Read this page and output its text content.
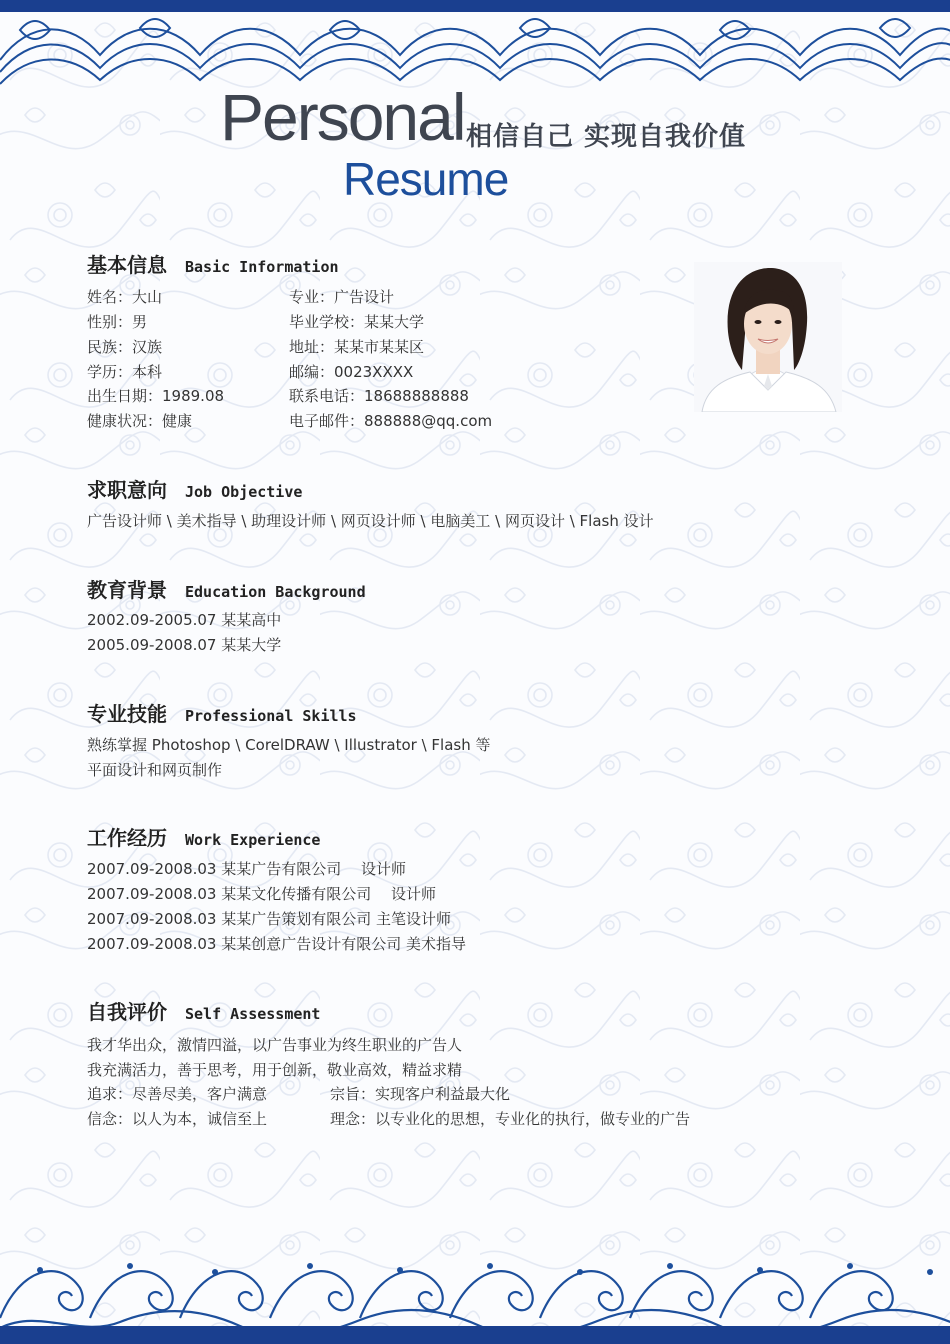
Personal 相信自己 实现自我价值
Resume
基本信息 Basic Information
姓名：大山
性别：男
民族：汉族
学历：本科
出生日期：1989.08
健康状况：健康
专业：广告设计
毕业学校：某某大学
地址：某某市某某区
邮编：0023XXXX
联系电话：18688888888
电子邮件：888888@qq.com
求职意向 Job Objective
广告设计师 \ 美术指导 \ 助理设计师 \ 网页设计师 \ 电脑美工 \ 网页设计 \ Flash 设计
教育背景 Education Background
2002.09-2005.07 某某高中
2005.09-2008.07 某某大学
专业技能 Professional Skills
熟练掌握 Photoshop \ CorelDRAW \ Illustrator \ Flash 等
平面设计和网页制作
工作经历 Work Experience
2007.09-2008.03 某某广告有限公司　 设计师
2007.09-2008.03 某某文化传播有限公司　 设计师
2007.09-2008.03 某某广告策划有限公司 主笔设计师
2007.09-2008.03 某某创意广告设计有限公司 美术指导
自我评价 Self Assessment
我才华出众，激情四溢，以广告事业为终生职业的广告人
我充满活力，善于思考，用于创新，敬业高效，精益求精
追求：尽善尽美，客户满意
信念：以人为本，诚信至上
宗旨：实现客户利益最大化
理念：以专业化的思想，专业化的执行，做专业的广告
